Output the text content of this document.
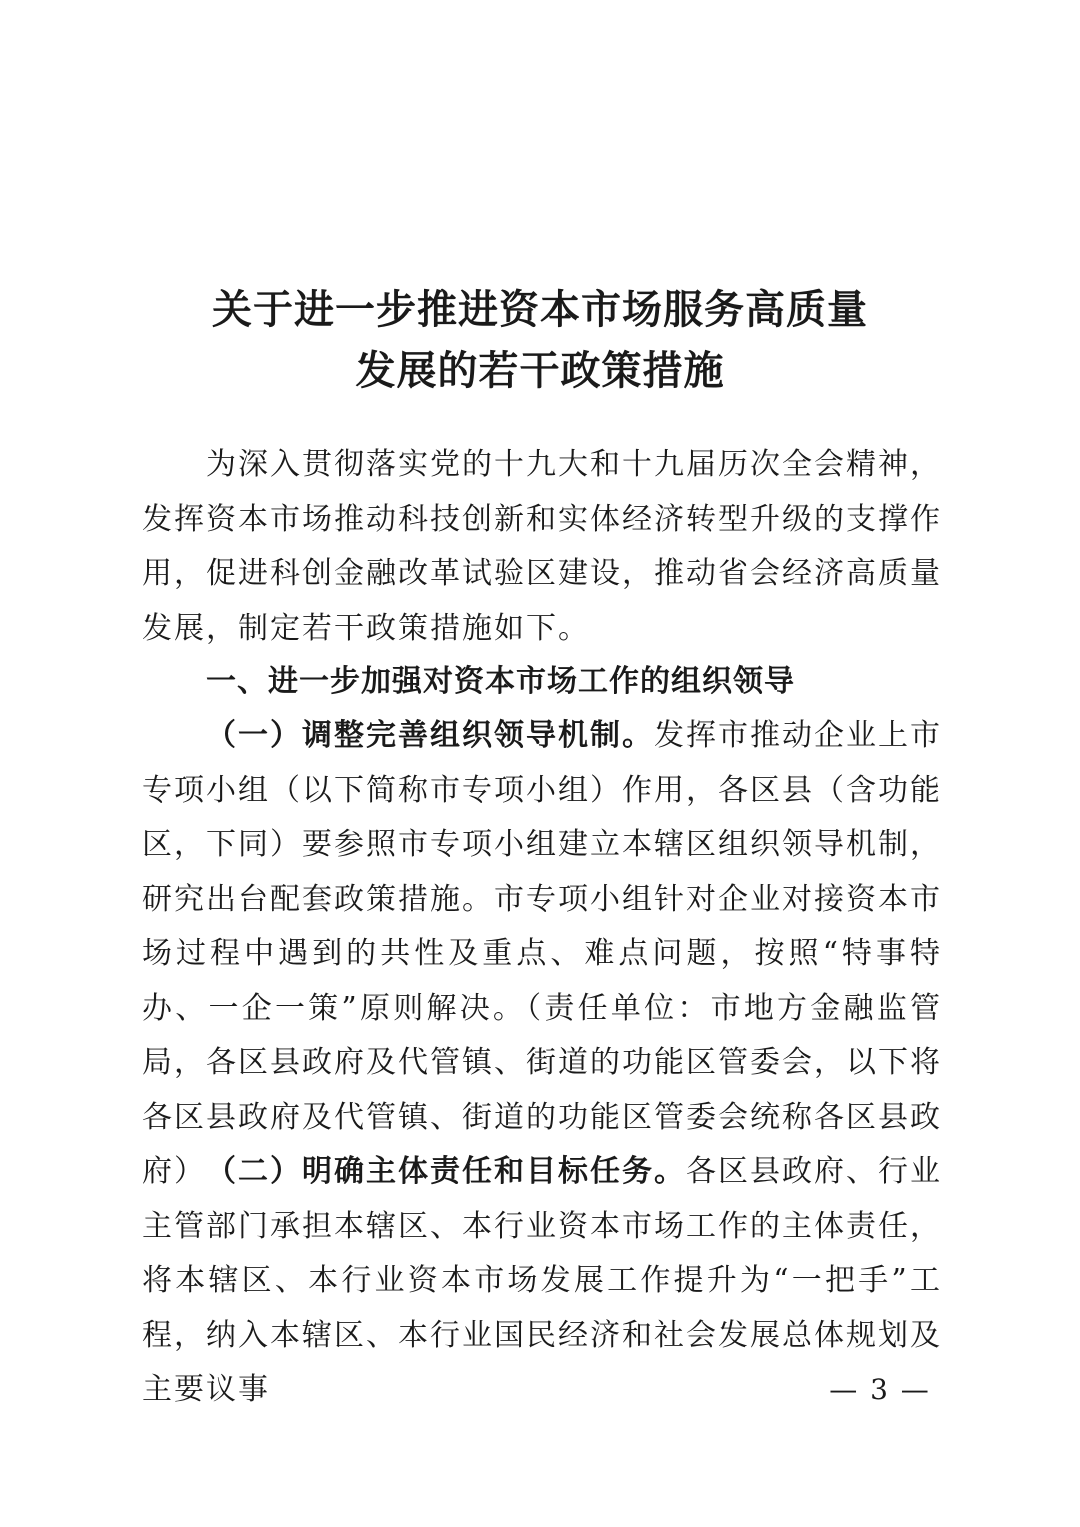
关于进一步推进资本市场服务高质量
发展的若干政策措施

为深入贯彻落实党的十九大和十九届历次全会精神，发挥资本市场推动科技创新和实体经济转型升级的支撑作用，促进科创金融改革试验区建设，推动省会经济高质量发展，制定若干政策措施如下。

一、进一步加强对资本市场工作的组织领导

（一）调整完善组织领导机制。发挥市推动企业上市专项小组（以下简称市专项小组）作用，各区县（含功能区，下同）要参照市专项小组建立本辖区组织领导机制，研究出台配套政策措施。市专项小组针对企业对接资本市场过程中遇到的共性及重点、难点问题，按照“特事特办、一企一策”原则解决。（责任单位：市地方金融监管局，各区县政府及代管镇、街道的功能区管委会，以下将各区县政府及代管镇、街道的功能区管委会统称各区县政府） （二）明确主体责任和目标任务。各区县政府、行业主管部门承担本辖区、本行业资本市场工作的主体责任，将本辖区、本行业资本市场发展工作提升为“一把手”工程，纳入本辖区、本行业国民经济和社会发展总体规划及主要议事	— 3 —
